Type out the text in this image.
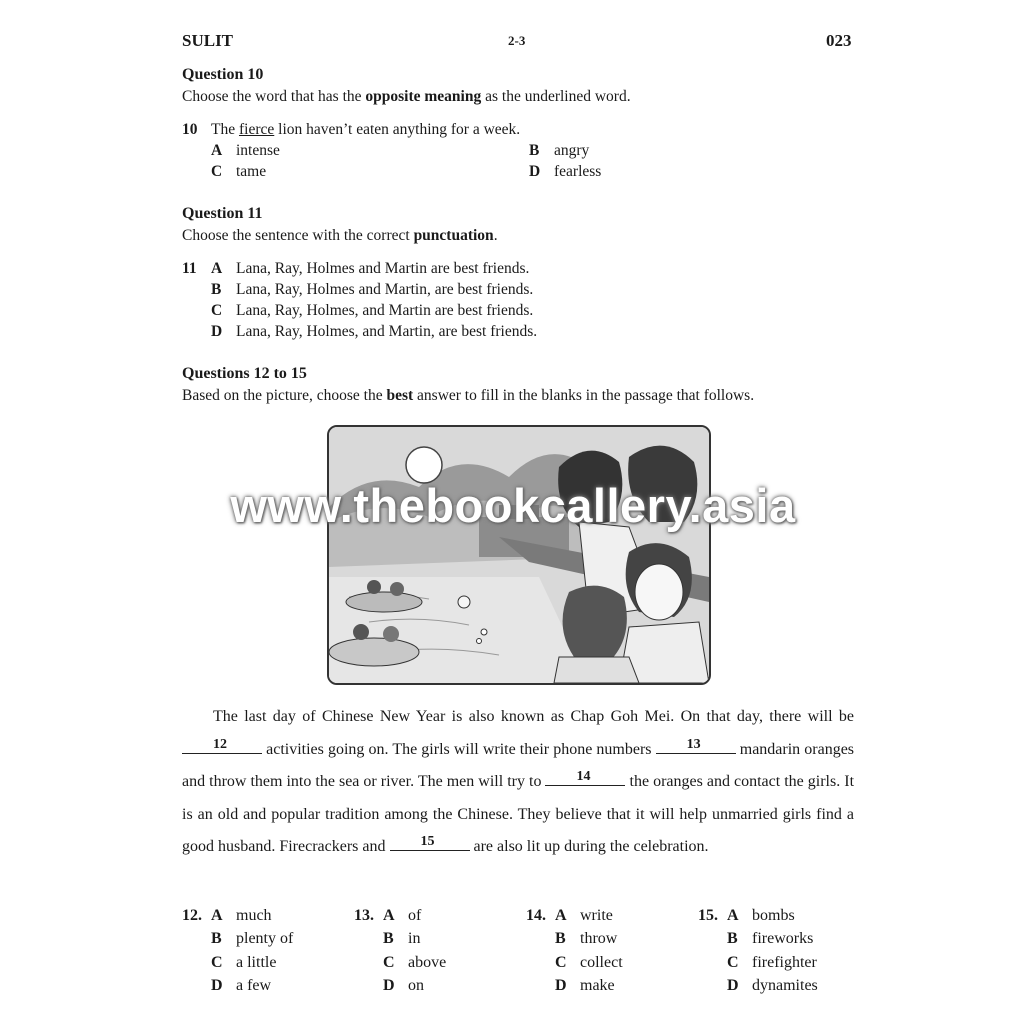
SULIT	2-3	023
Question 10
Choose the word that has the opposite meaning as the underlined word.
10 The fierce lion haven’t eaten anything for a week.
A intense	B angry
C tame	D fearless
Question 11
Choose the sentence with the correct punctuation.
11 A Lana, Ray, Holmes and Martin are best friends.
B Lana, Ray, Holmes and Martin, are best friends.
C Lana, Ray, Holmes, and Martin are best friends.
D Lana, Ray, Holmes, and Martin, are best friends.
Questions 12 to 15
Based on the picture, choose the best answer to fill in the blanks in the passage that follows.
www.thebookcallery.asia

The last day of Chinese New Year is also known as Chap Goh Mei. On that day, there will be
12	activities going on. The girls will write their phone numbers	13	mandarin oranges and throw them into the sea or river. The men will try to	14	the oranges and contact the girls. It is an old and popular tradition among the Chinese. They believe that it will help unmarried girls find a good husband. Firecrackers and	15	are also lit up during the celebration.

12. A much
B plenty of
C a little
D a few
13. A of
B in
C above
D on
14. A write
B throw
C collect
D make
15. A bombs
B fireworks
C firefighter
D dynamites
